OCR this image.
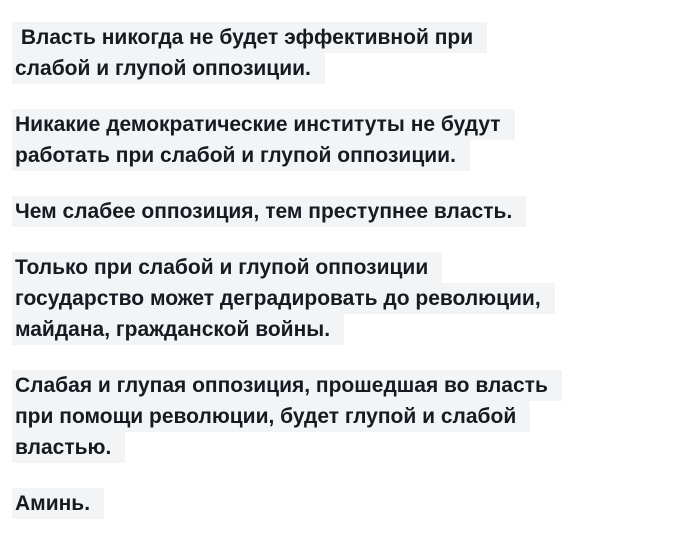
Власть никогда не будет эффективной при
слабой и глупой оппозиции.
Никакие демократические институты не будут
работать при слабой и глупой оппозиции.
Чем слабее оппозиция, тем преступнее власть.
Только при слабой и глупой оппозиции
государство может деградировать до революции,
майдана, гражданской войны.
Слабая и глупая оппозиция, прошедшая во власть
при помощи революции, будет глупой и слабой
властью.
Аминь.
